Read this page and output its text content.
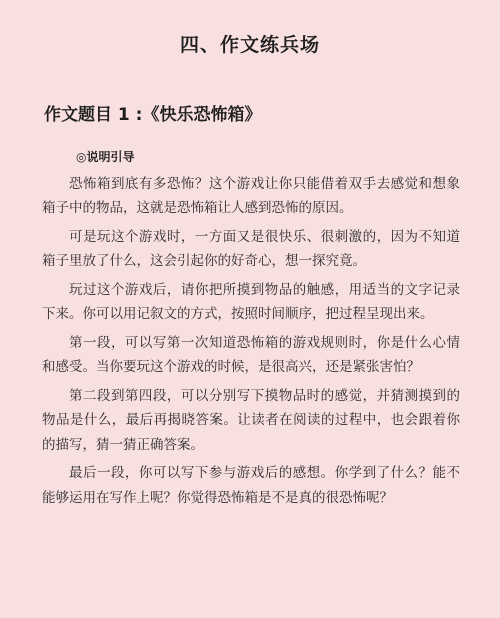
四、作文练兵场
作文题目 1 :《快乐恐怖箱》
◎说明引导

恐怖箱到底有多恐怖？这个游戏让你只能借着双手去感觉和想象箱子中的物品，这就是恐怖箱让人感到恐怖的原因。

可是玩这个游戏时，一方面又是很快乐、很刺激的，因为不知道箱子里放了什么，这会引起你的好奇心，想一探究竟。

玩过这个游戏后，请你把所摸到物品的触感，用适当的文字记录下来。你可以用记叙文的方式，按照时间顺序，把过程呈现出来。

第一段，可以写第一次知道恐怖箱的游戏规则时，你是什么心情和感受。当你要玩这个游戏的时候，是很高兴，还是紧张害怕？

第二段到第四段，可以分别写下摸物品时的感觉，并猜测摸到的物品是什么，最后再揭晓答案。让读者在阅读的过程中，也会跟着你的描写，猜一猜正确答案。

最后一段，你可以写下参与游戏后的感想。你学到了什么？能不能够运用在写作上呢？你觉得恐怖箱是不是真的很恐怖呢？
